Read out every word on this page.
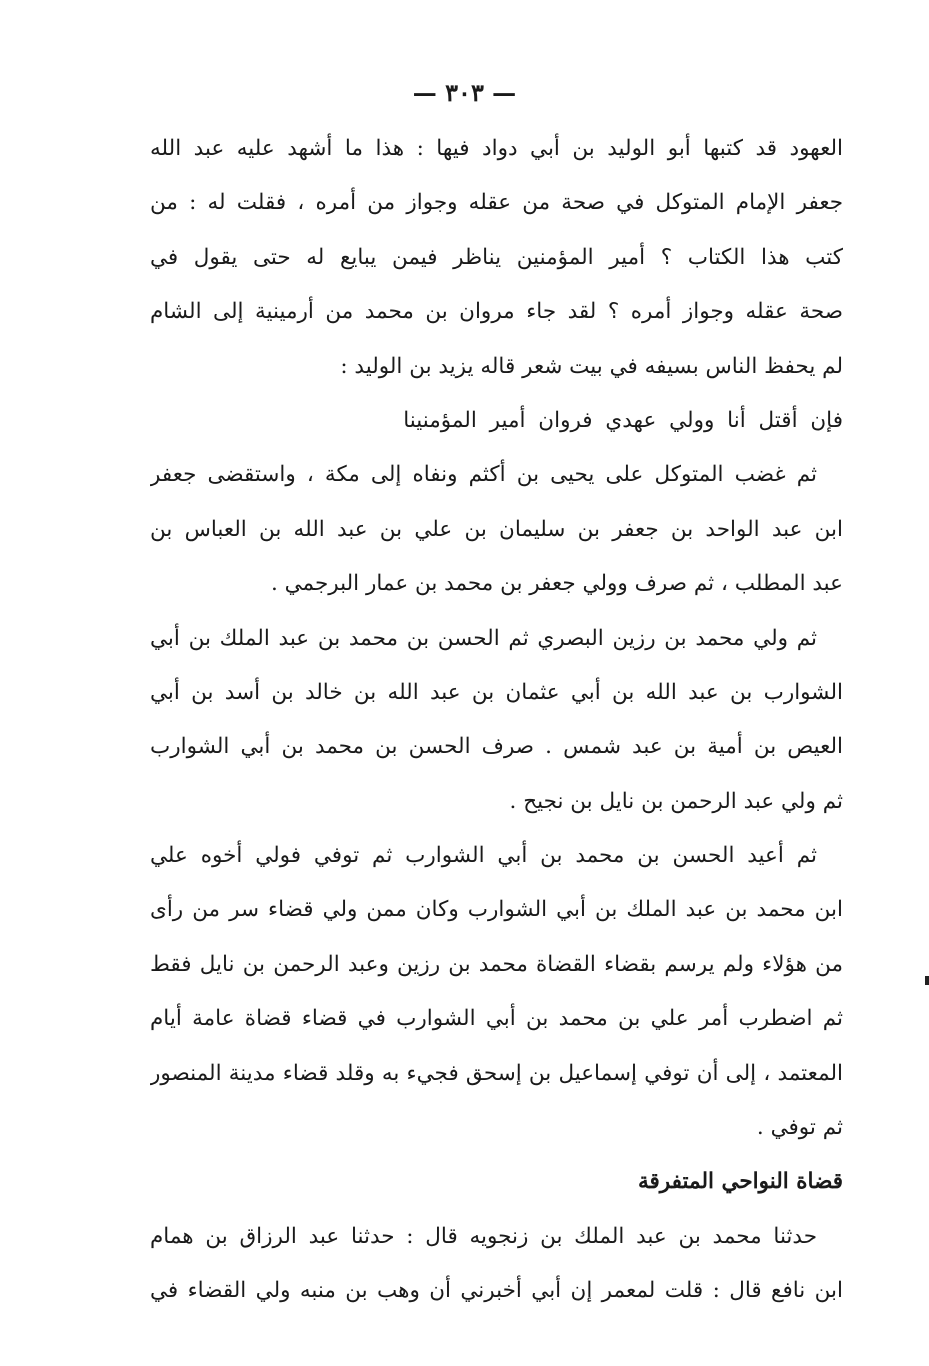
— ٣٠٣ —
العهود قد كتبها أبو الوليد بن أبي دواد فيها : هذا ما أشهد عليه عبد الله
جعفر الإمام المتوكل في صحة من عقله وجواز من أمره ، فقلت له : من
كتب هذا الكتاب ؟ أمير المؤمنين يناظر فيمن يبايع له حتى يقول في
صحة عقله وجواز أمره ؟ لقد جاء مروان بن محمد من أرمينية إلى الشام
لم يحفظ الناس بسيفه في بيت شعر قاله يزيد بن الوليد :
فإن أقتل أنا وولي عهدي فروان أمير المؤمنينا
ثم غضب المتوكل على يحيى بن أكثم ونفاه إلى مكة ، واستقضى جعفر
ابن عبد الواحد بن جعفر بن سليمان بن علي بن عبد الله بن العباس بن
عبد المطلب ، ثم صرف وولي جعفر بن محمد بن عمار البرجمي .
ثم ولي محمد بن رزين البصري ثم الحسن بن محمد بن عبد الملك بن أبي
الشوارب بن عبد الله بن أبي عثمان بن عبد الله بن خالد بن أسد بن أبي
العيص بن أمية بن عبد شمس . صرف الحسن بن محمد بن أبي الشوارب
ثم ولي عبد الرحمن بن نايل بن نجيح .
ثم أعيد الحسن بن محمد بن أبي الشوارب ثم توفي فولي أخوه علي
ابن محمد بن عبد الملك بن أبي الشوارب وكان ممن ولي قضاء سر من رأى
من هؤلاء ولم يرسم بقضاء القضاة محمد بن رزين وعبد الرحمن بن نايل فقط
ثم اضطرب أمر علي بن محمد بن أبي الشوارب في قضاء قضاة عامة أيام
المعتمد ، إلى أن توفي إسماعيل بن إسحق فجيء به وقلد قضاء مدينة المنصور
ثم توفي .
قضاة النواحي المتفرقة
حدثنا محمد بن عبد الملك بن زنجويه قال : حدثنا عبد الرزاق بن همام
ابن نافع قال : قلت لمعمر إن أبي أخبرني أن وهب بن منبه ولي القضاء في
